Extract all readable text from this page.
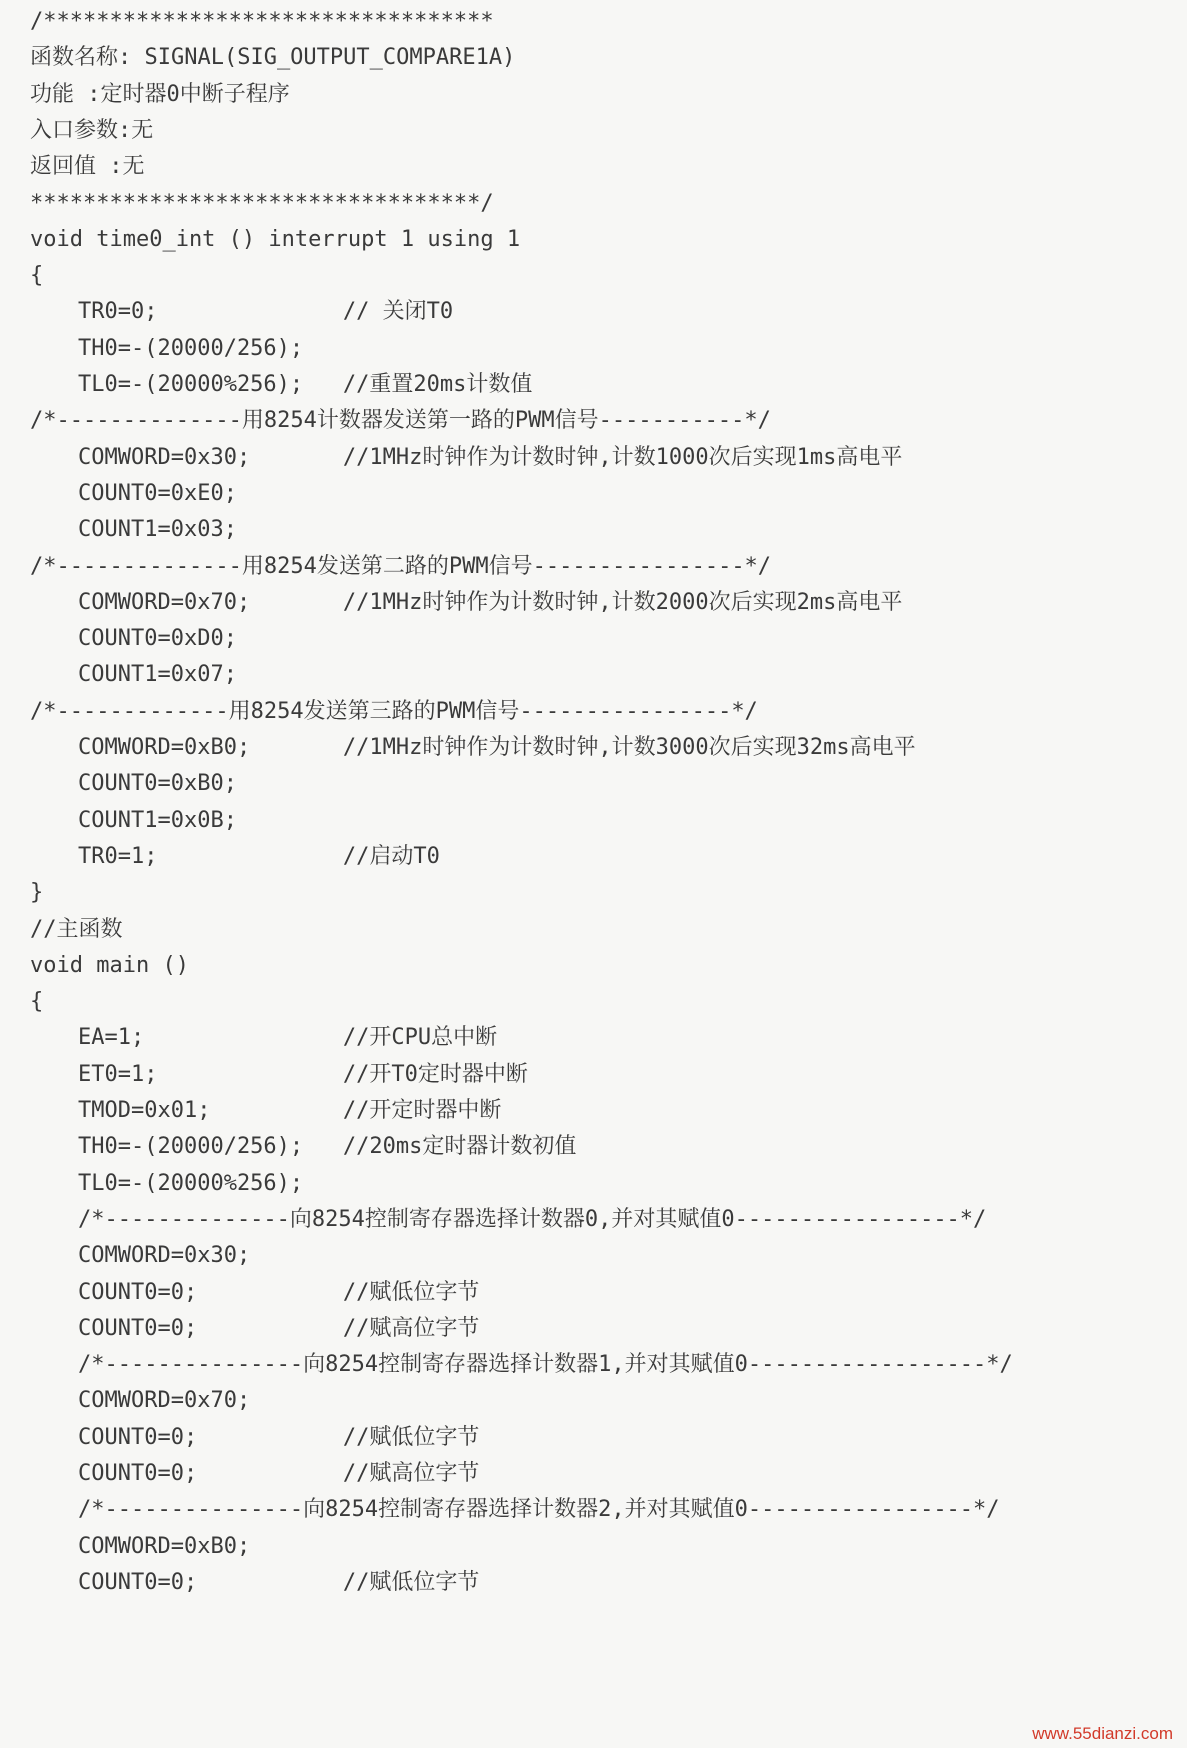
/**********************************
函数名称: SIGNAL(SIG_OUTPUT_COMPARE1A)
功能 :定时器0中断子程序
入口参数:无
返回值 :无
**********************************/
void time0_int () interrupt 1 using 1
{
TR0=0;              // 关闭T0
TH0=-(20000/256);
TL0=-(20000%256);   //重置20ms计数值
/*--------------用8254计数器发送第一路的PWM信号-----------*/
COMWORD=0x30;       //1MHz时钟作为计数时钟,计数1000次后实现1ms高电平
COUNT0=0xE0;
COUNT1=0x03;
/*--------------用8254发送第二路的PWM信号----------------*/
COMWORD=0x70;       //1MHz时钟作为计数时钟,计数2000次后实现2ms高电平
COUNT0=0xD0;
COUNT1=0x07;
/*-------------用8254发送第三路的PWM信号----------------*/
COMWORD=0xB0;       //1MHz时钟作为计数时钟,计数3000次后实现32ms高电平
COUNT0=0xB0;
COUNT1=0x0B;
TR0=1;              //启动T0
}
//主函数
void main ()
{
EA=1;               //开CPU总中断
ET0=1;              //开T0定时器中断
TMOD=0x01;          //开定时器中断
TH0=-(20000/256);   //20ms定时器计数初值
TL0=-(20000%256);
/*--------------向8254控制寄存器选择计数器0,并对其赋值0-----------------*/
COMWORD=0x30;
COUNT0=0;           //赋低位字节
COUNT0=0;           //赋高位字节
/*---------------向8254控制寄存器选择计数器1,并对其赋值0------------------*/
COMWORD=0x70;
COUNT0=0;           //赋低位字节
COUNT0=0;           //赋高位字节
/*---------------向8254控制寄存器选择计数器2,并对其赋值0-----------------*/
COMWORD=0xB0;
COUNT0=0;           //赋低位字节
www.55dianzi.com
